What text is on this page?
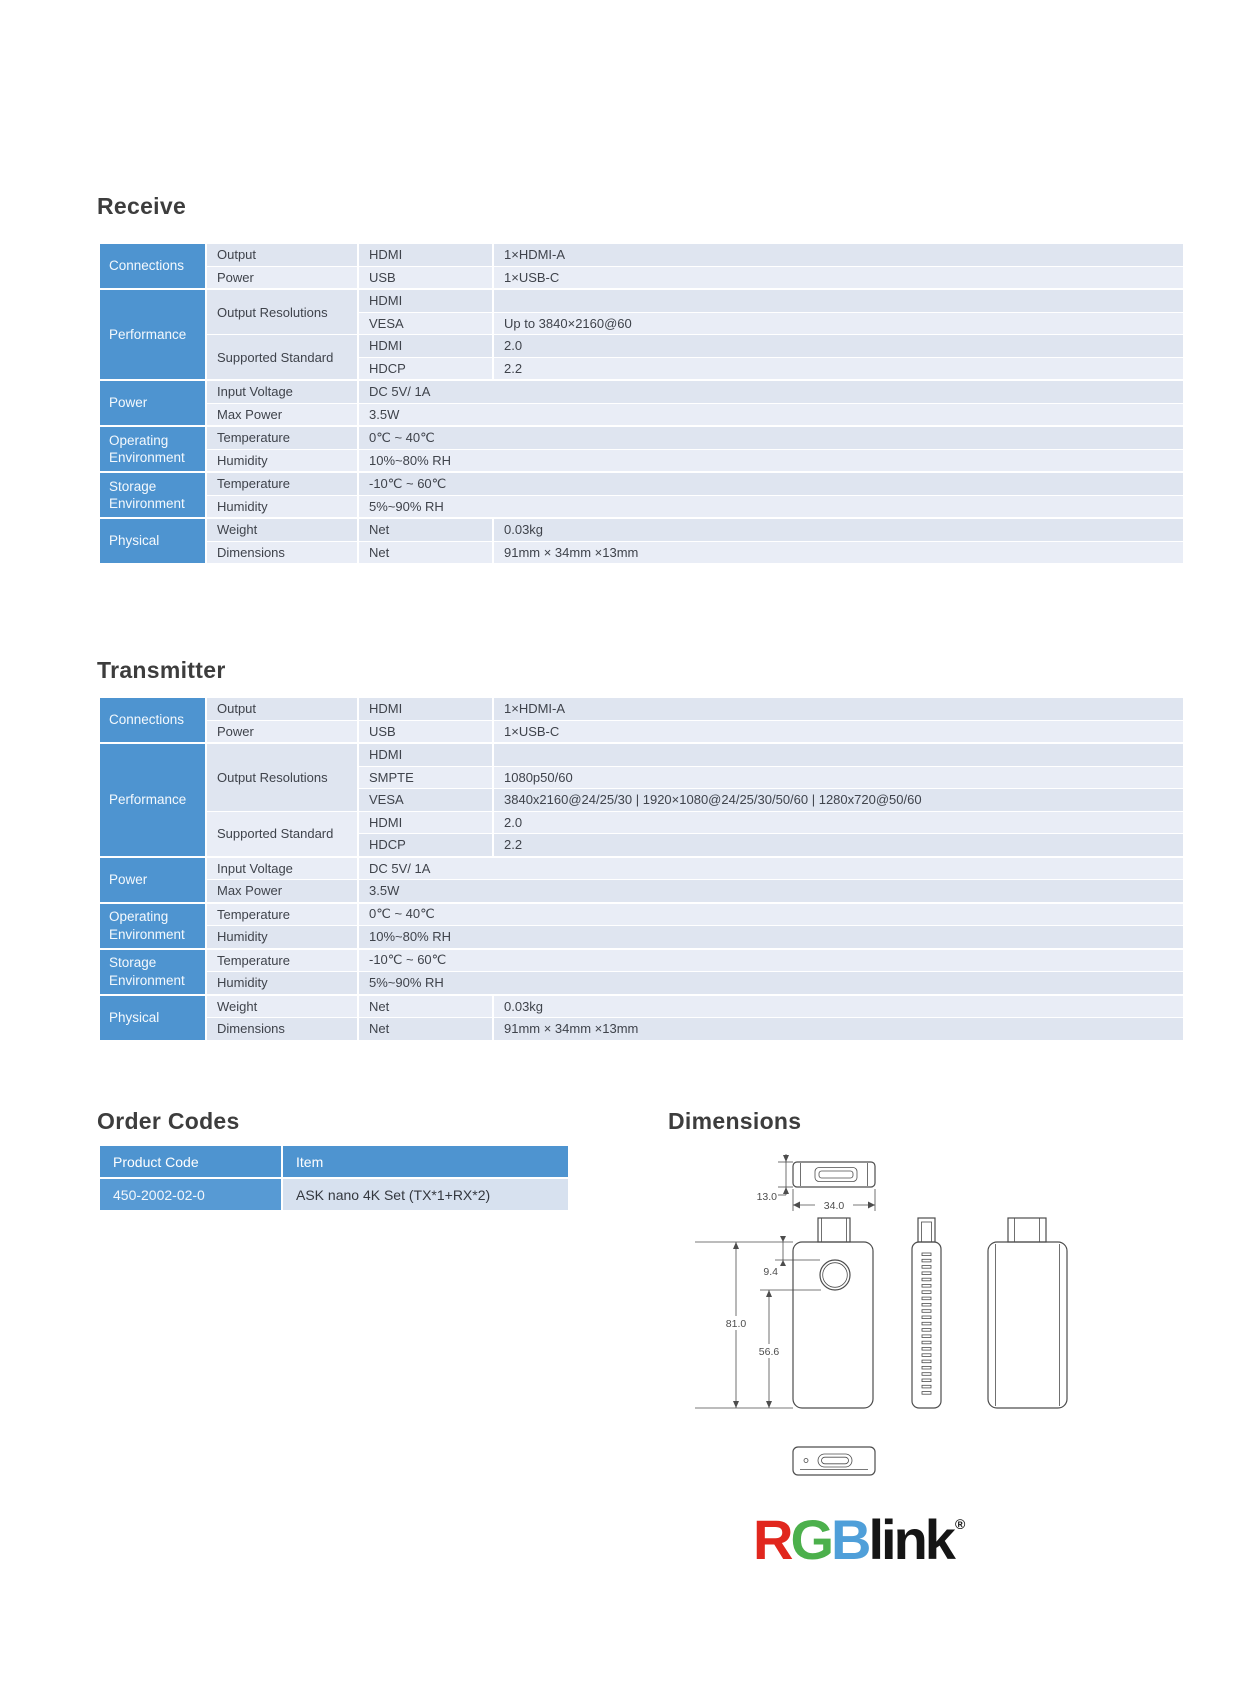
Receive
Connections
Output	HDMI	1×HDMI-A
Power	USB	1×USB-C
Performance
Output Resolutions
HDMI
VESA	Up to 3840×2160@60
Supported Standard
HDMI	2.0
HDCP	2.2
Power
Input Voltage	DC 5V/ 1A
Max Power	3.5W
Operating Environment
Temperature	0℃ ~ 40℃
Humidity	10%~80% RH
Storage Environment
Temperature	-10℃ ~ 60℃
Humidity	5%~90% RH
Physical
Weight	Net	0.03kg
Dimensions	Net	91mm × 34mm ×13mm
Transmitter
Connections
Output	HDMI	1×HDMI-A
Power	USB	1×USB-C
Performance
Output Resolutions
HDMI
SMPTE	1080p50/60
VESA	3840x2160@24/25/30 | 1920×1080@24/25/30/50/60 | 1280x720@50/60
Supported Standard
HDMI	2.0
HDCP	2.2
Power
Input Voltage	DC 5V/ 1A
Max Power	3.5W
Operating Environment
Temperature	0℃ ~ 40℃
Humidity	10%~80% RH
Storage Environment
Temperature	-10℃ ~ 60℃
Humidity	5%~90% RH
Physical
Weight	Net	0.03kg
Dimensions	Net	91mm × 34mm ×13mm
Order Codes
Product Code	Item
450-2002-02-0	ASK nano 4K Set (TX*1+RX*2)
Dimensions
13.0
34.0
9.4
81.0
56.6
RGBlink ®
